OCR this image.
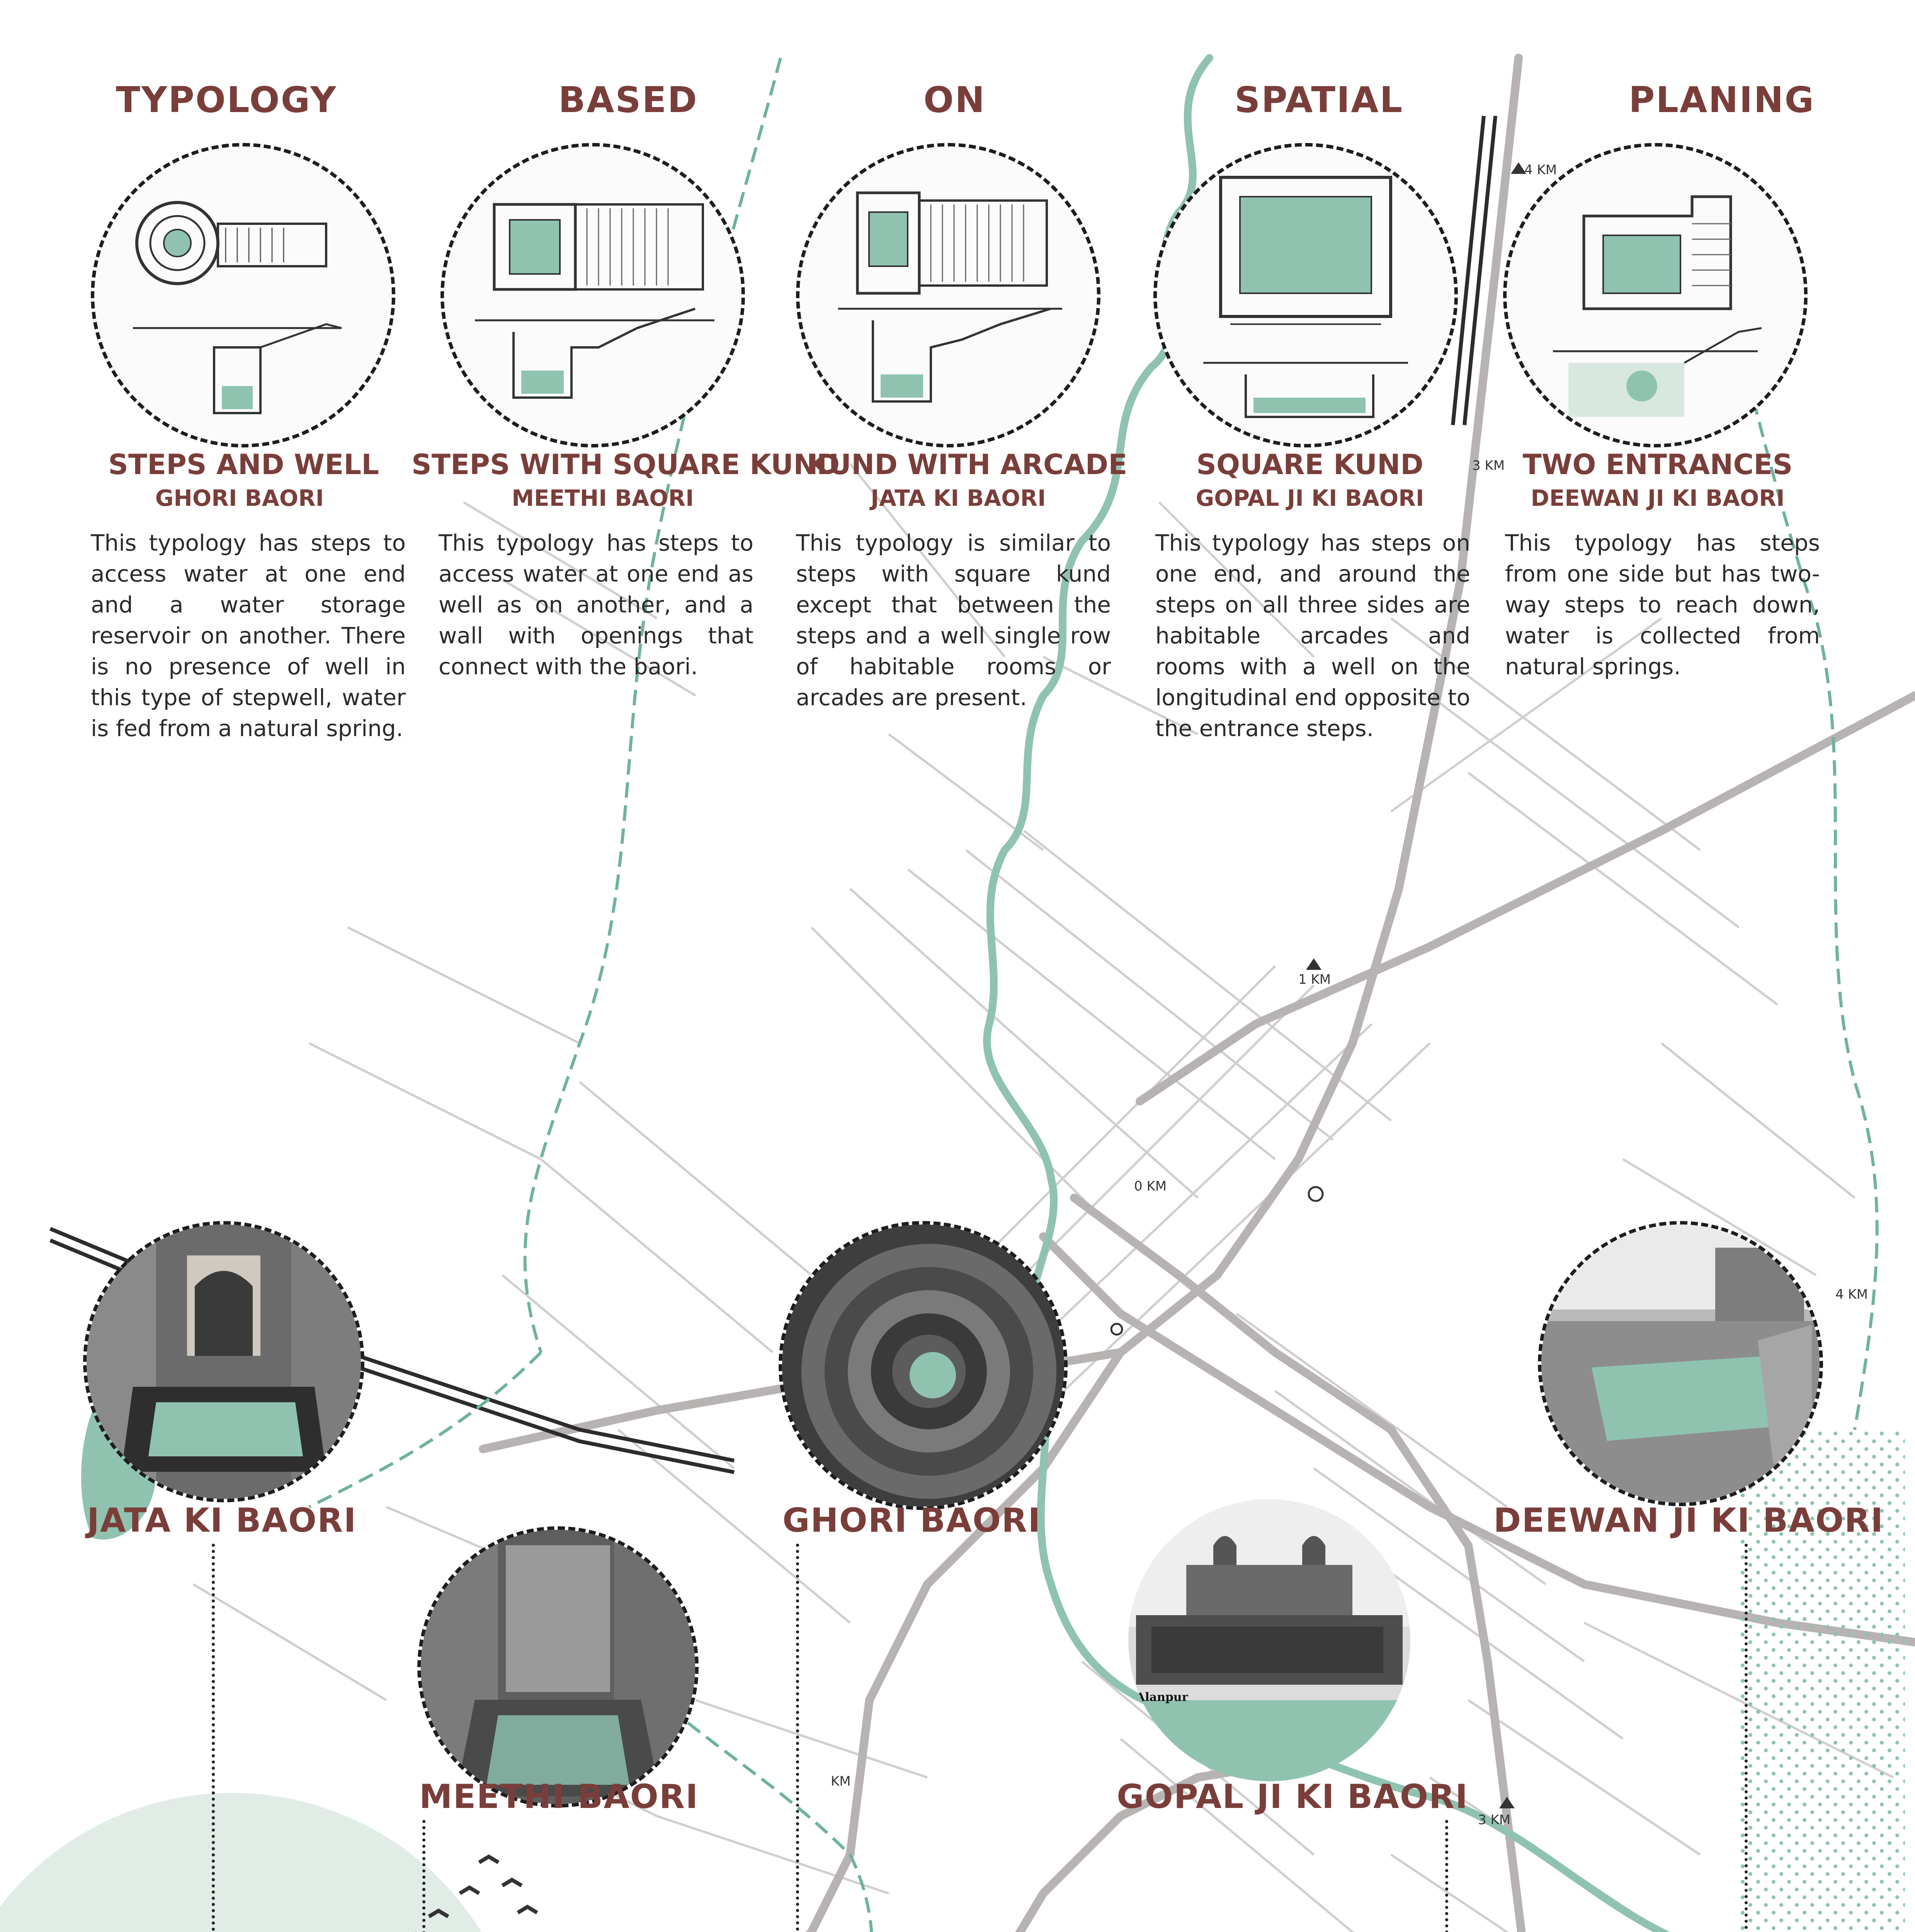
4 KM
3 KM
1 KM
0 KM
4 KM
KM
3 KM
TYPOLOGY	BASED	ON	SPATIAL	PLANING
STEPS AND WELL
GHORI BAORI
STEPS WITH SQUARE KUND
MEETHI BAORI
KUND WITH ARCADE
JATA KI BAORI
SQUARE KUND
GOPAL JI KI BAORI
TWO ENTRANCES
DEEWAN JI KI BAORI
This typology has steps to access water at one end and a water storage reservoir on another. There is no presence of well in this type of stepwell, water is fed from a natural spring.
This typology has steps to access water at one end as well as on another, and a wall with openings that connect with the baori.
This typology is similar to steps with square kund except that between the steps and a well single row of habitable rooms or arcades are present.
This typology has steps on one end, and around the steps on all three sides are habitable arcades and rooms with a well on the longitudinal end opposite to the entrance steps.
This typology has steps from one side but has two-way steps to reach down, water is collected from natural springs.
Alanpur
JATA KI BAORI
MEETHI BAORI
GHORI BAORI
GOPAL JI KI BAORI
DEEWAN JI KI BAORI
